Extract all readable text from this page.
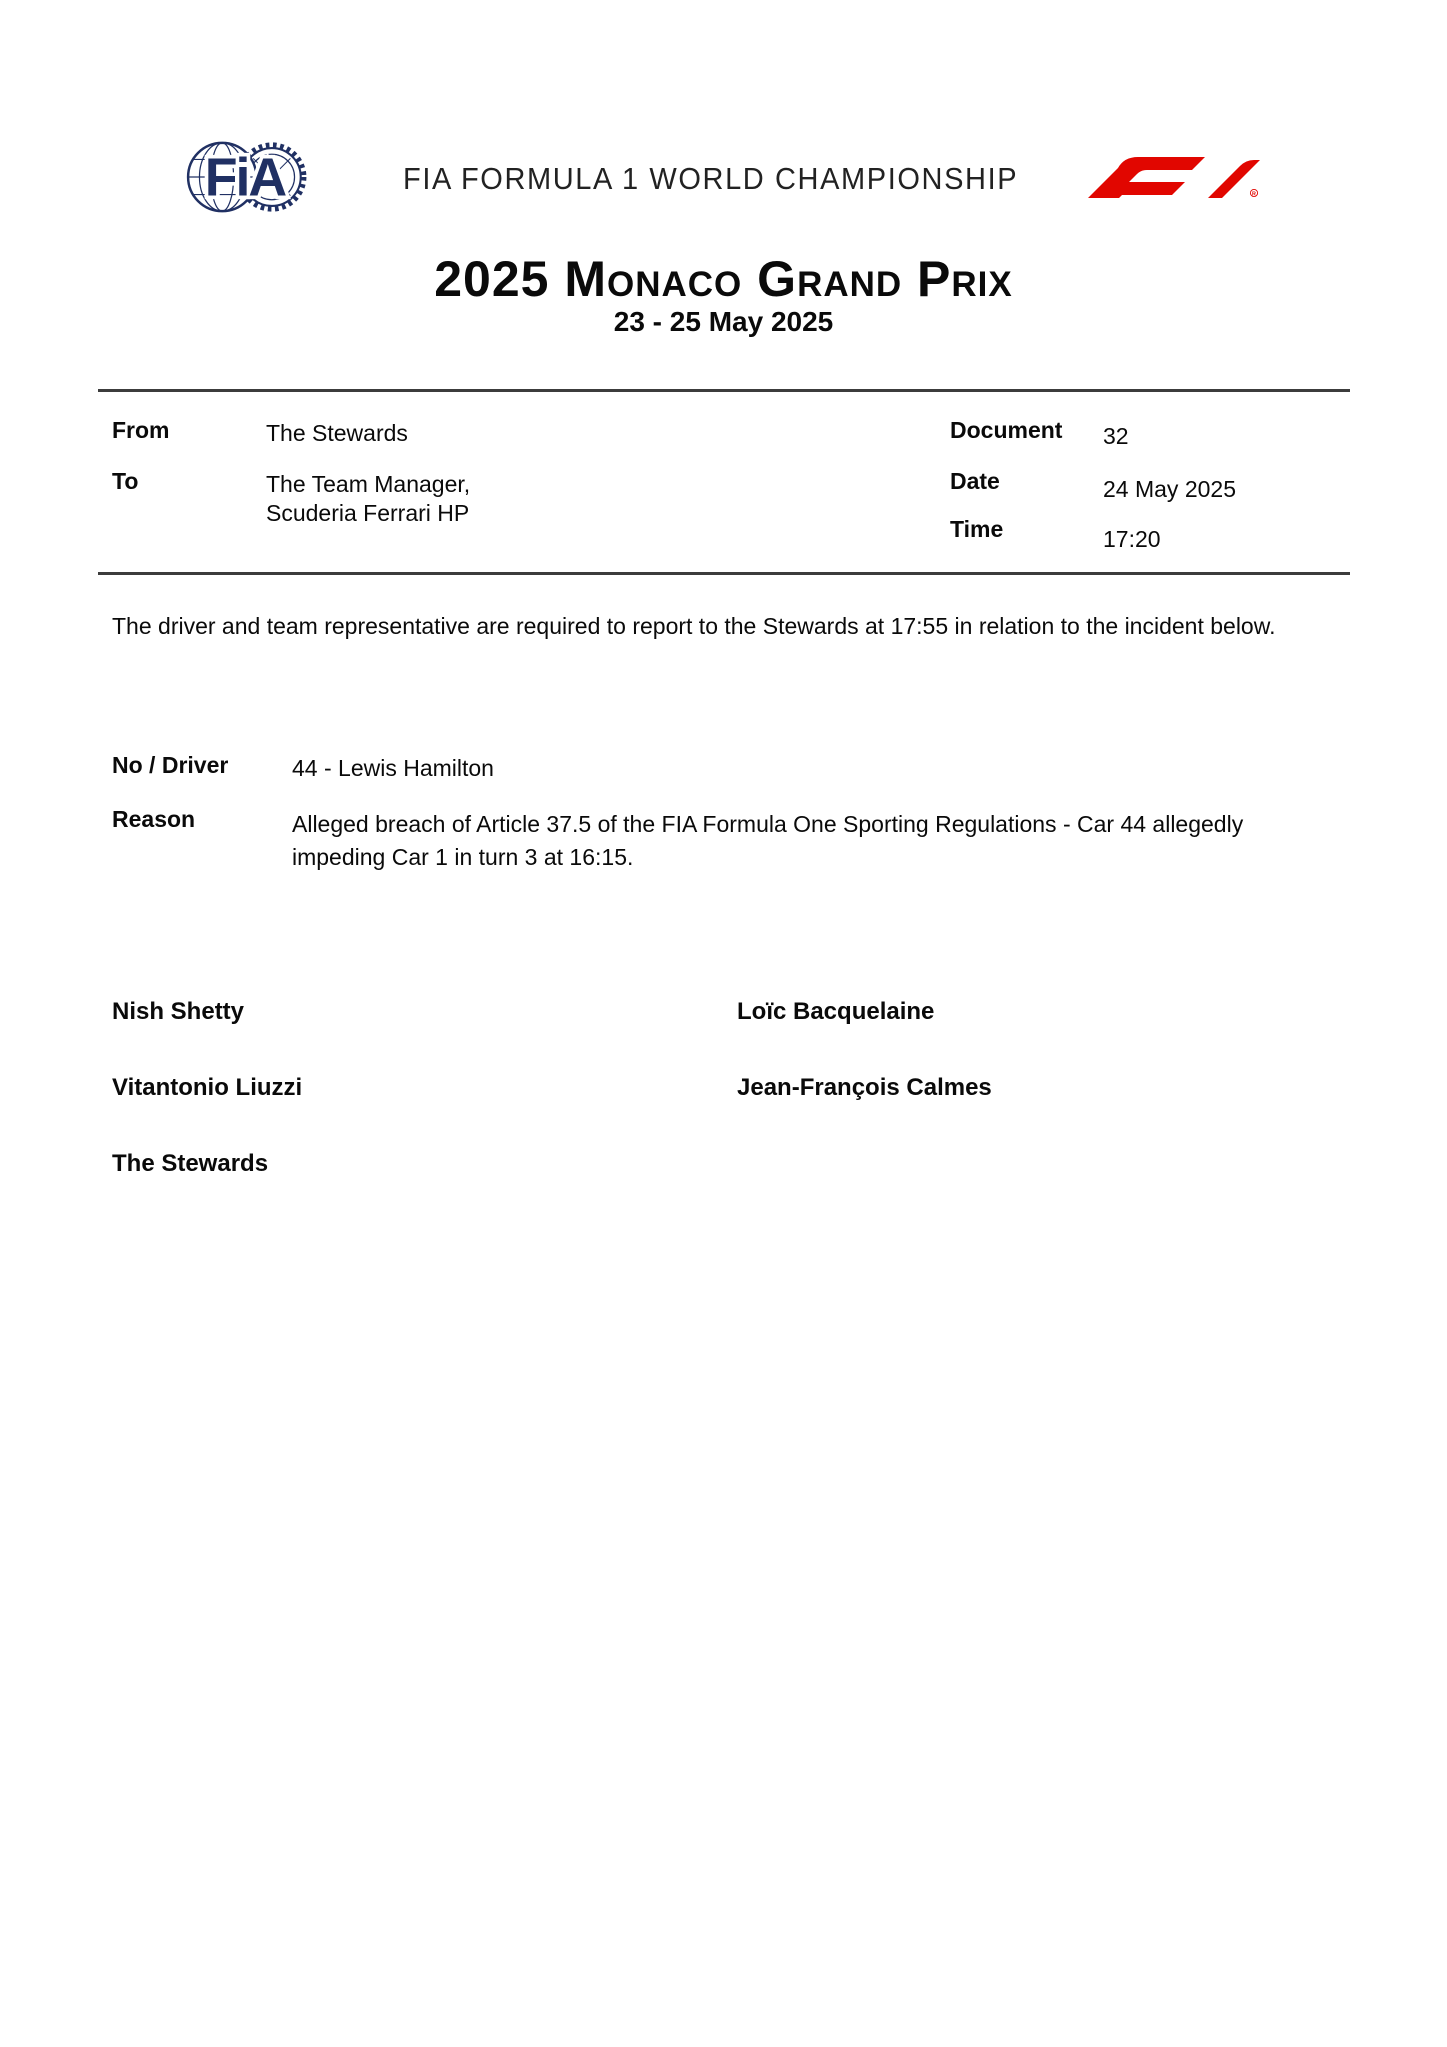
FiA	FIA FORMULA 1 WORLD CHAMPIONSHIP	R
2025 Monaco Grand Prix
23 - 25 May 2025
From	The Stewards
To	The Team Manager,
Scuderia Ferrari HP
Document 32
Date	24 May 2025
Time	17:20
The driver and team representative are required to report to the Stewards at 17:55 in relation to the incident below.
No / Driver	44 - Lewis Hamilton
Reason	Alleged breach of Article 37.5 of the FIA Formula One Sporting Regulations - Car 44 allegedly impeding Car 1 in turn 3 at 16:15.
Nish Shetty	Loïc Bacquelaine
Vitantonio Liuzzi	Jean-François Calmes
The Stewards
